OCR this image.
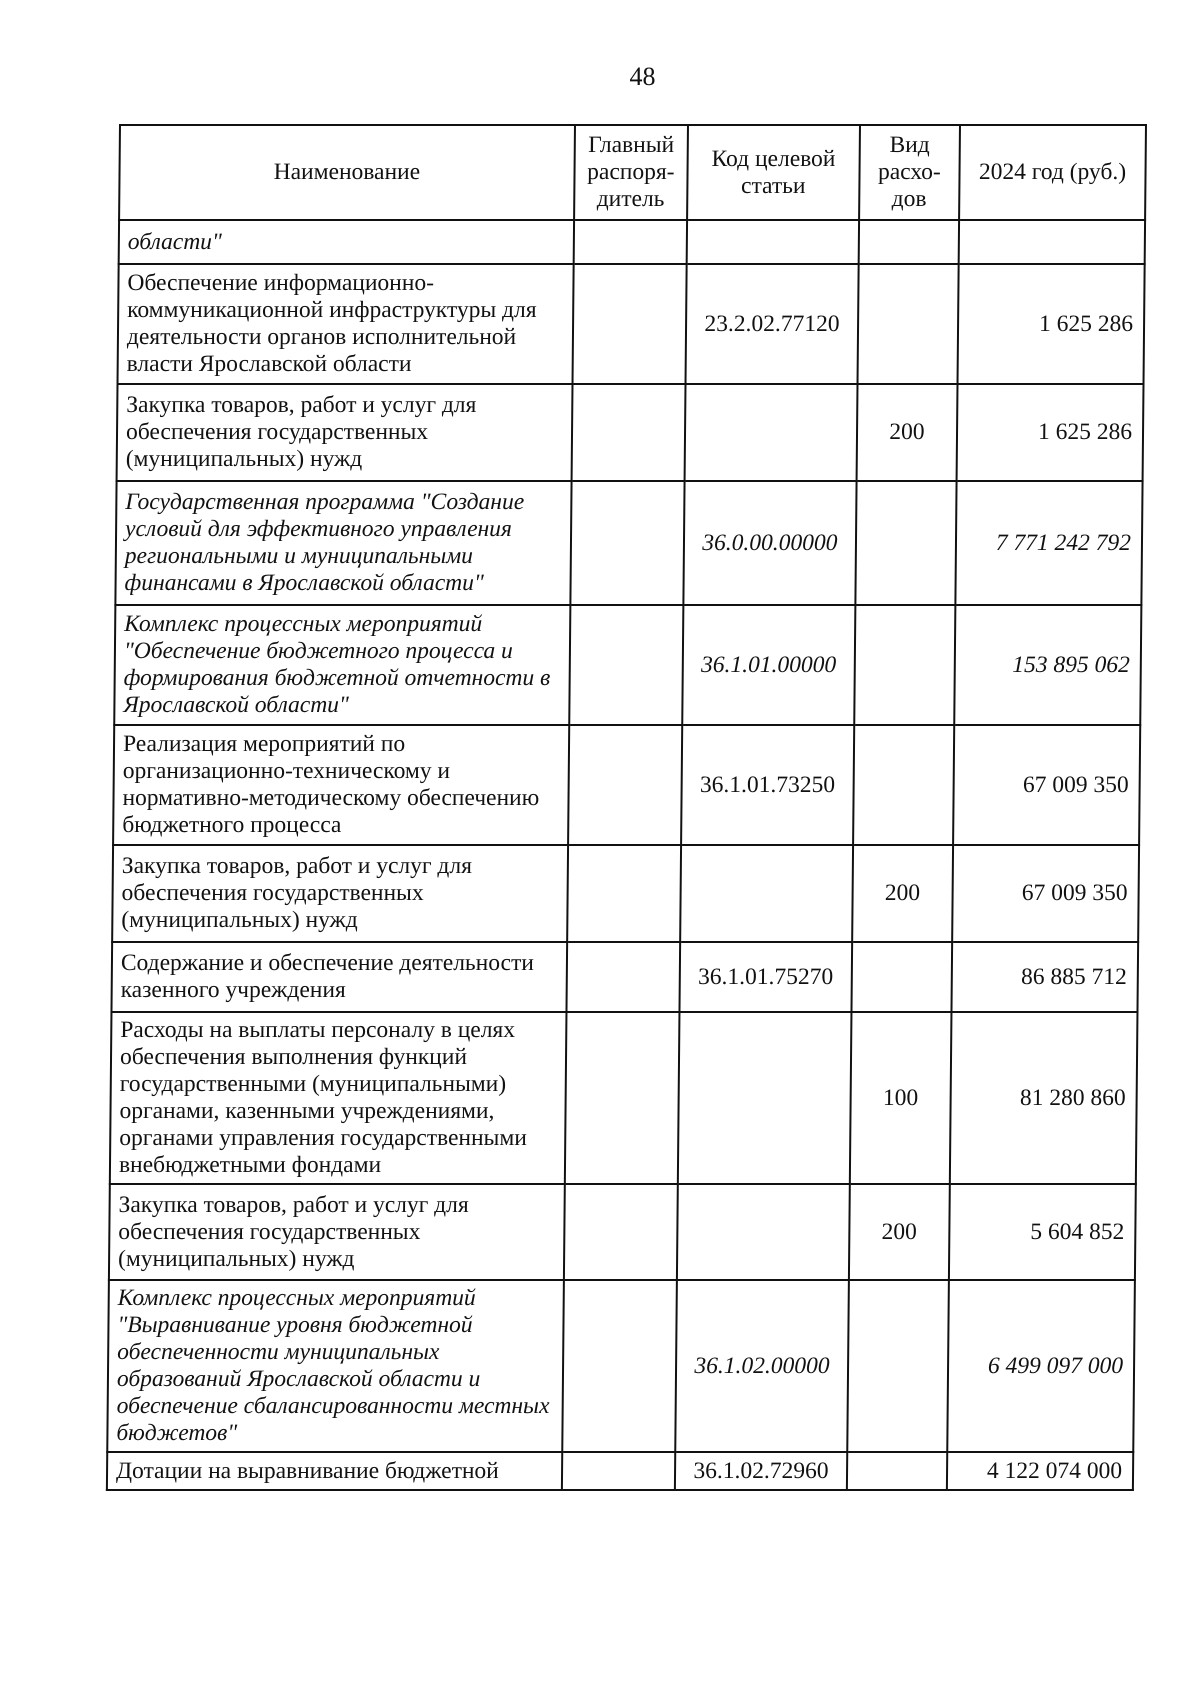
48
Наименование	Главный распоря-дитель	Код целевой статьи	Вид расхо-дов	2024 год (руб.)
области"				
Обеспечение информационно-коммуникационной инфраструктуры для деятельности органов исполнительной власти Ярославской области		23.2.02.77120		1 625 286
Закупка товаров, работ и услуг для обеспечения государственных (муниципальных) нужд			200	1 625 286
Государственная программа "Создание условий для эффективного управления региональными и муниципальными финансами в Ярославской области"		36.0.00.00000		7 771 242 792
Комплекс процессных мероприятий "Обеспечение бюджетного процесса и формирования бюджетной отчетности в Ярославской области"		36.1.01.00000		153 895 062
Реализация мероприятий по организационно-техническому и нормативно-методическому обеспечению бюджетного процесса		36.1.01.73250		67 009 350
Закупка товаров, работ и услуг для обеспечения государственных (муниципальных) нужд			200	67 009 350
Содержание и обеспечение деятельности казенного учреждения		36.1.01.75270		86 885 712
Расходы на выплаты персоналу в целях обеспечения выполнения функций государственными (муниципальными) органами, казенными учреждениями, органами управления государственными внебюджетными фондами			100	81 280 860
Закупка товаров, работ и услуг для обеспечения государственных (муниципальных) нужд			200	5 604 852
Комплекс процессных мероприятий "Выравнивание уровня бюджетной обеспеченности муниципальных образований Ярославской области и обеспечение сбалансированности местных бюджетов"		36.1.02.00000		6 499 097 000
Дотации на выравнивание бюджетной		36.1.02.72960		4 122 074 000
